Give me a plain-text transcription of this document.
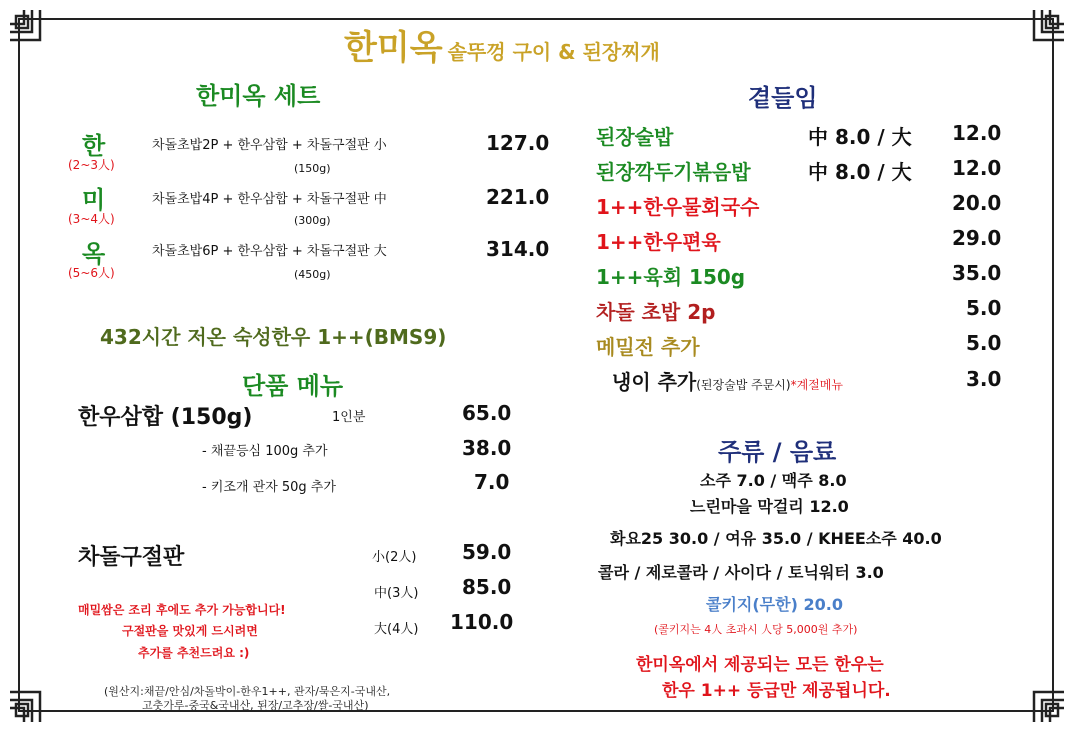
한미옥 솥뚜껑 구이 & 된장찌개
한미옥 세트
한
(2~3人)
차돌초밥2P + 한우삼합 + 차돌구절판 小
(150g)
127.0
미
(3~4人)
차돌초밥4P + 한우삼합 + 차돌구절판 中
(300g)
221.0
옥
(5~6人)
차돌초밥6P + 한우삼합 + 차돌구절판 大
(450g)
314.0
432시간 저온 숙성한우 1++(BMS9)
단품 메뉴
한우삼합 (150g)	1인분	65.0
- 채끝등심 100g 추가	38.0
- 키조개 관자 50g 추가	7.0
차돌구절판	小(2人) 59.0
中(3人) 85.0
大(4人) 110.0
매밀쌈은 조리 후에도 추가 가능합니다!
구절판을 맛있게 드시려면
추가를 추천드려요 :)
(원산지:채끝/안심/차돌박이-한우1++, 관자/묵은지-국내산,
고춧가루-중국&국내산, 된장/고추장/쌀-국내산)
곁들임
된장술밥	中 8.0 / 大 12.0
된장깍두기볶음밥	中 8.0 / 大 12.0
1++한우물회국수	20.0
1++한우편육	29.0
1++육회 150g	35.0
차돌 초밥 2p	5.0
메밀전 추가	5.0
냉이 추가(된장술밥 주문시)*계절메뉴	3.0
주류 / 음료
소주 7.0 / 맥주 8.0
느린마을 막걸리 12.0
화요25 30.0 / 여유 35.0 / KHEE소주 40.0
콜라 / 제로콜라 / 사이다 / 토닉워터 3.0
콜키지(무한) 20.0
(콜키지는 4人 초과시 人당 5,000원 추가)
한미옥에서 제공되는 모든 한우는
한우 1++ 등급만 제공됩니다.
